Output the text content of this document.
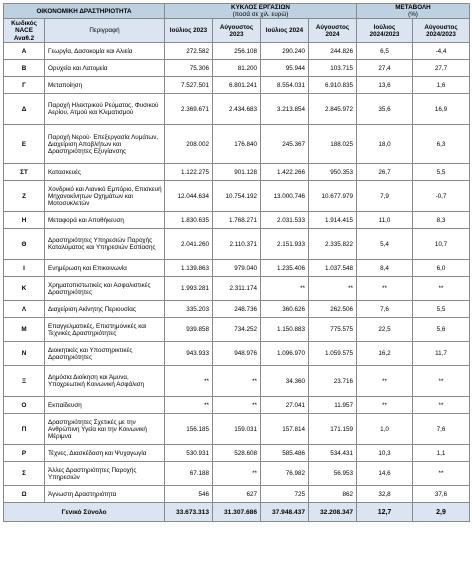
ΟΙΚΟΝΟΜΙΚΗ ΔΡΑΣΤΗΡΙΟΤΗΤΑ		ΚΥΚΛΟΣ ΕΡΓΑΣΙΩΝ
(ποσά σε χιλ. ευρώ)				ΜΕΤΑΒΟΛΗ
(%)	
Κωδικός NACE Αναθ.2	Περιγραφή	Ιούλιος 2023	Αύγουστος 2023	Ιούλιος 2024	Αύγουστος 2024	Ιούλιος 2024/2023	Αύγουστος 2024/2023
Α	Γεωργία, Δασοκομία και Αλιεία	272.582	256.108	290.240	244.826	6,5	-4,4
Β	Ορυχεία και Λατομεία	75.306	81.200	95.944	103.715	27,4	27,7
Γ	Μεταποίηση	7.527.501	6.801.241	8.554.031	6.910.835	13,6	1,6
Δ	Παροχή Ηλεκτρικού Ρεύματος, Φυσικού Αερίου, Ατμού και Κλιματισμού	2.369.671	2.434.683	3.213.854	2.845.972	35,6	16,9
Ε	Παροχή Νερού· Επεξεργασία Λυμάτων, Διαχείριση Αποβλήτων και Δραστηριότητες Εξυγίανσης	208.002	176.840	245.367	188.025	18,0	6,3
ΣΤ	Κατασκευές	1.122.275	901.128	1.422.266	950.353	26,7	5,5
Ζ	Χονδρικό και Λιανικό Εμπόριο, Επισκευή Μηχανοκίνητων Οχημάτων και Μοτοσυκλετών	12.044.634	10.754.192	13.000.746	10.677.979	7,9	-0,7
Η	Μεταφορά και Αποθήκευση	1.830.635	1.768.271	2.031.533	1.914.415	11,0	8,3
Θ	Δραστηριότητες Υπηρεσιών Παροχής Καταλύματος και Υπηρεσιών Εστίασης	2.041.260	2.110.371	2.151.933	2.335.822	5,4	10,7
Ι	Ενημέρωση και Επικοινωνία	1.139.863	979.040	1.235.406	1.037.548	8,4	6,0
Κ	Χρηματοπιστωτικές και Ασφαλιστικές Δραστηριότητες	1.993.281	2.311.174	**	**	**	**
Λ	Διαχείριση Ακίνητης Περιουσίας	335.203	248.736	360.626	262.506	7,6	5,5
Μ	Επαγγελματικές, Επιστημονικές και Τεχνικές Δραστηριότητες	939.858	734.252	1.150.883	775.575	22,5	5,6
Ν	Διοικητικές και Υποστηρικτικές Δραστηριότητες	943.933	948.976	1.096.970	1.059.575	16,2	11,7
Ξ	Δημόσια Διοίκηση και Άμυνα, Υποχρεωτική Κοινωνική Ασφάλιση	**	**	34.360	23.716	**	**
Ο	Εκπαίδευση	**	**	27.041	11.957	**	**
Π	Δραστηριότητες Σχετικές με την Ανθρώπινη Υγεία και την Κοινωνική Μέριμνα	156.185	159.031	157.814	171.159	1,0	7,6
Ρ	Τέχνες, Διασκέδαση και Ψυχαγωγία	530.931	528.608	585.486	534.431	10,3	1,1
Σ	Άλλες Δραστηριότητες Παροχής Υπηρεσιών	67.188	**	76.982	56.953	14,6	**
Ω	Άγνωστη Δραστηριότητα	546	627	725	862	32,8	37,6
Γενικό Σύνολο		33.673.313	31.307.686	37.948.437	32.208.347	12,7	2,9
